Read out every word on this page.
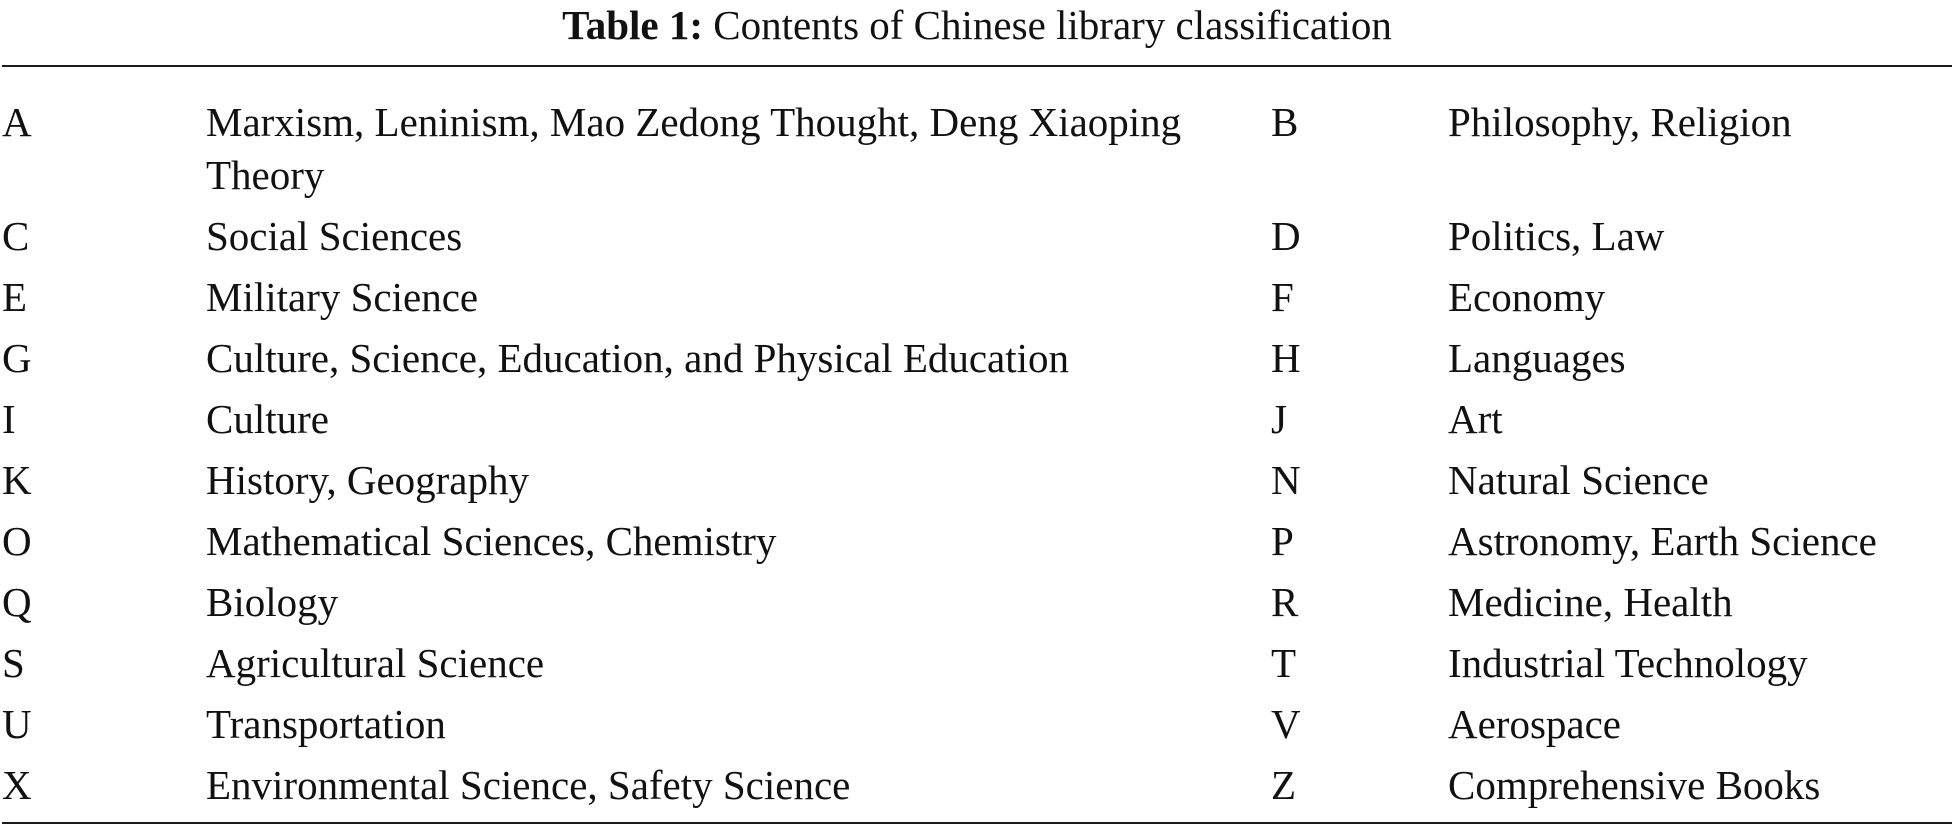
Table 1: Contents of Chinese library classification
A	Marxism, Leninism, Mao Zedong Thought, Deng Xiaoping Theory	B	Philosophy, Religion
C	Social Sciences	D	Politics, Law
E	Military Science	F	Economy
G	Culture, Science, Education, and Physical Education	H	Languages
I	Culture	J	Art
K	History, Geography	N	Natural Science
O	Mathematical Sciences, Chemistry	P	Astronomy, Earth Science
Q	Biology	R	Medicine, Health
S	Agricultural Science	T	Industrial Technology
U	Transportation	V	Aerospace
X	Environmental Science, Safety Science	Z	Comprehensive Books
